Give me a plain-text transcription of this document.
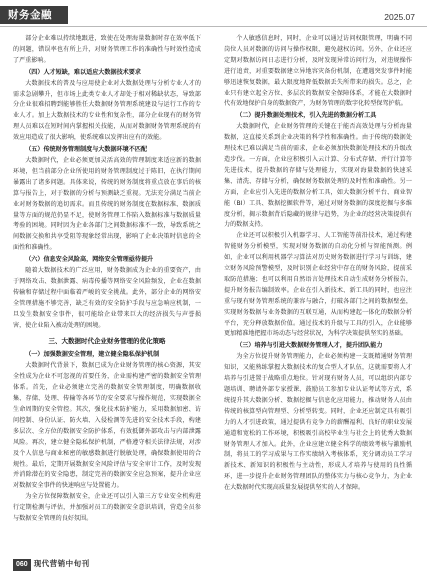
财务金融	2025.07

部分企业难以持续地跟进，致使在处理海量数据时存在效率低下的问题，错误率也有所上升，对财务管理工作的准确性与时效性造成了严重影响。

（四）人才短缺，难以适应大数据技术要求

大数据技术的普及与应用使企业对大数据处理与分析专业人才的需求急剧攀升，但市场上此类专业人才却处于相对稀缺状态，导致部分企业很难招聘到能够胜任大数据财务管理系统建设与运行工作的专业人才。加上大数据技术的专业性和复杂性，部分企业现有的财务管理人员难以在短时间内掌握相关技能，从而对数据财务管理系统的有效应用造成了很大影响，使系统难以发挥出应有的效能。

（五）传统财务管理制度与大数据环境不匹配

大数据时代，企业必须更加灵活高效的管理制度来适应新的数据环境，但当前部分企业所使用的财务管理制度过于陈旧，在执行期间暴露出了诸多问题。具体来说，传统的财务制度将重点放在事后的核算与报告上，对于数据的分析与预测缺乏重视。无法充分满足当前企业对财务数据的追切需求。而且传统的财务制度在数据标准、数据质量等方面的规范仍显不足，使财务管理工作陷入数据标准与数据质量考验的困境。同时因为企业各部门之间数据标准不一致，导致系统之间数据交换和共享受阻等现象经常出现，影响了企业决策时信息的全面性和准确性。

（六）信息安全风险高，网络安全管理亟待提升

随着大数据技术的广泛应用，财务数据成为企业的重要资产，由于网络攻击、数据泄露、病毒传播等网络安全风险频发，企业在数据传输和存储过程中面临着严峻的安全挑战。此外，部分企业的网络安全管理措施不够完善，缺乏有效的安全防护手段与应急响应机制，一旦发生数据安全事件，很可能给企业带来巨大的经济损失与声誉损害，使企业陷入被动处理的困境。

三、大数据时代企业财务管理的优化策略
（一）加强数据安全管理，建立健全隐私保护机制

大数据时代背景下，数据已成为企业财务管理的核心资源，其安全性成为企业不可忽视的首要任务，企业需构建严密的数据安全管理体系。首先，企业必须建立完善的数据安全管理制度，明确数据收集、存储、处理、传输等各环节的安全要求与操作规范，实现数据全生命周期的安全管控。其次，强化技术防护能力，采用数据加密、访问控制、身份认证、防火墙、入侵检测等先进的安全技术手段，构建多层次、全方位的数据安全防护体系，有效抵御外部攻击与内部泄露风险。再次，建立健全隐私保护机制，严格遵守相关法律法规，对涉及个人信息与商业秘密的敏感数据进行脱敏处理，确保数据使用的合规性。最后，定期开展数据安全风险评估与安全审计工作，及时发现并消除潜在的安全隐患，制定完善的数据安全应急预案，提升企业应对数据安全事件的快速响应与处置能力。

为全方位保障数据安全，企业还可以引入第三方专业安全机构进行定期检测与评估，并加强对员工的数据安全意识培训，营造全员参与数据安全管理的良好氛围。

个人敏感信息时，同时，企业可以通过访问权限管理，明确不同岗位人员对数据的访问与操作权限，避免越权访问。另外，企业还应定期对数据访问日志进行分析，及时发现异常访问行为，对违规操作进行追责，对重要数据建立异地容灾备份机制，在遭遇突发事件时能够迅速恢复数据，最大限度地降低数据丢失所带来的损失。总之，企业只有建立起全方位、多层次的数据安全保障体系，才能在大数据时代有效地保护自身的数据资产，为财务管理的数字化转型保驾护航。

（二）提升数据处理技术，引入先进的数据分析工具

大数据时代，企业财务管理的关键在于能否高效处理与分析海量数据，这直接关系到企业决策的科学性和准确性。由于传统的数据处理技术已难以满足当前的需求，企业必须加快数据处理技术的升级改造步伐。一方面，企业应积极引入云计算、分布式存储、并行计算等先进技术，提升数据的存储与处理能力，实现对海量数据的快速采集、清洗、存储与分析，确保财务数据处理的及时性和准确性。另一方面，企业应引入先进的数据分析工具，如大数据分析平台、商业智能（BI）工具、数据挖掘软件等，通过对财务数据的深度挖掘与多维度分析，揭示数据背后隐藏的规律与趋势，为企业的经营决策提供有力的数据支持。

企业还可以积极引入机器学习、人工智能等前沿技术，通过构建智能财务分析模型，实现对财务数据的自动化分析与智能预测。例如，企业可以利用机器学习算法对历史财务数据进行学习与训练，建立财务风险预警模型，及时识别企业经营中存在的财务风险，提前采取防范措施；也可以利用自然语言处理技术自动生成财务分析报告，提升财务报告编制效率。企业在引入新技术、新工具的同时，也应注重与现有财务管理系统的兼容与融合，打破各部门之间的数据壁垒，实现财务数据与业务数据的互联互通，从而构建起一体化的数据分析平台，充分释放数据价值。通过技术的升级与工具的引入，企业能够更加精准地把握市场动态与经营状况，为科学决策提供坚实的基础。

（三）培养与引进大数据财务管理人才，提升团队能力

为全方位提升财务管理能力，企业必须构建一支既精通财务管理知识，又能熟练掌握大数据技术的复合型人才队伍，这就需要将人才培养与引进置于战略重点地位。针对现有财务人员，可以组织内部专题培训、聘请外部专家授课、鼓励员工参加专业认证考试等方式，系统提升其大数据分析、数据挖掘与信息化应用能力，推动财务人员由传统的核算型向管理型、分析型转变。同时，企业还应制定具有吸引力的人才引进政策，通过提供有竞争力的薪酬福利、良好的职业发展通道和宽松的工作环境，积极吸引高校毕业生与社会上的优秀大数据财务管理人才加入。此外，企业应建立健全科学的绩效考核与激励机制，将员工的学习成果与工作实绩纳入考核体系，充分调动员工学习新技术、新知识的积极性与主动性，形成人才培养与使用的良性循环，进一步提升企业财务管理团队的整体实力与核心竞争力，为企业在大数据时代实现高质量发展提供坚实的人才保障。

060 现代营销中旬刊
